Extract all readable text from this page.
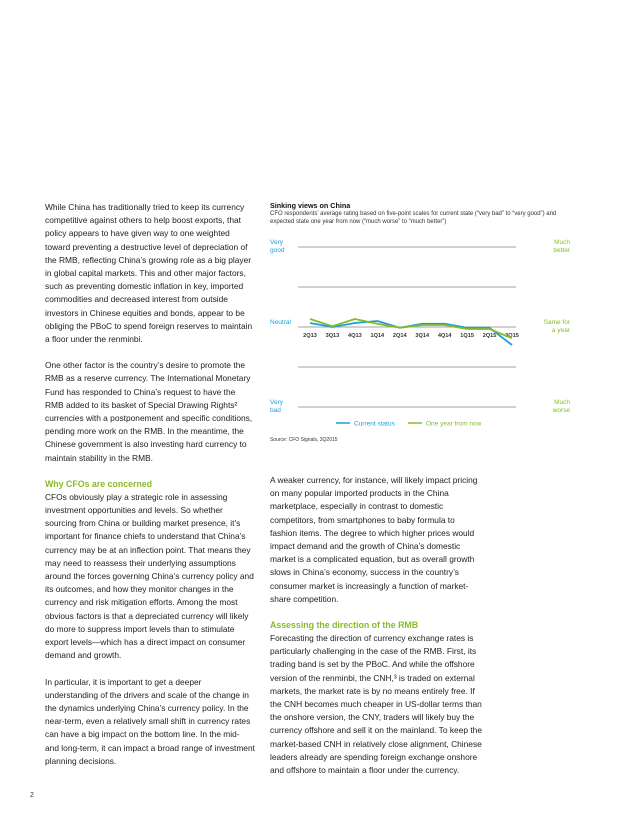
While China has traditionally tried to keep its currency competitive against others to help boost exports, that policy appears to have given way to one weighted toward preventing a destructive level of depreciation of the RMB, reflecting China’s growing role as a big player in global capital markets. This and other major factors, such as preventing domestic inflation in key, imported commodities and decreased interest from outside investors in Chinese equities and bonds, appear to be obliging the PBoC to spend foreign reserves to maintain a floor under the renminbi.

One other factor is the country’s desire to promote the RMB as a reserve currency. The International Monetary Fund has responded to China’s request to have the RMB added to its basket of Special Drawing Rights² currencies with a postponement and specific conditions, pending more work on the RMB. In the meantime, the Chinese government is also investing hard currency to maintain stability in the RMB.

Why CFOs are concerned

CFOs obviously play a strategic role in assessing investment opportunities and levels. So whether sourcing from China or building market presence, it’s important for finance chiefs to understand that China’s currency may be at an inflection point. That means they may need to reassess their underlying assumptions around the forces governing China’s currency policy and its outcomes, and how they monitor changes in the currency and risk mitigation efforts. Among the most obvious factors is that a depreciated currency will likely do more to suppress import levels than to stimulate export levels—which has a direct impact on consumer demand and growth.

In particular, it is important to get a deeper understanding of the drivers and scale of the change in the dynamics underlying China’s currency policy. In the near-term, even a relatively small shift in currency rates can have a big impact on the bottom line. In the mid- and long-term, it can impact a broad range of investment planning decisions.

Sinking views on China
CFO respondents’ average rating based on five-point scales for current state (“very bad” to “very good”) and expected state one year from now (“much worse” to “much better”)
Very
good
Neutral
Very
bad
Much
better
Same for
a year
Much
worse
2Q13 3Q13 4Q13 1Q14 2Q14 3Q14 4Q14 1Q15 2Q15 3Q15
Current status	One year from now
Source: CFO Signals, 3Q2015

A weaker currency, for instance, will likely impact pricing on many popular imported products in the China marketplace, especially in contrast to domestic competitors, from smartphones to baby formula to fashion items. The degree to which higher prices would impact demand and the growth of China’s domestic market is a complicated equation, but as overall growth slows in China’s economy, success in the country’s consumer market is increasingly a function of market-share competition.

Assessing the direction of the RMB

Forecasting the direction of currency exchange rates is particularly challenging in the case of the RMB. First, its trading band is set by the PBoC. And while the offshore version of the renminbi, the CNH,³ is traded on external markets, the market rate is by no means entirely free. If the CNH becomes much cheaper in US-dollar terms than the onshore version, the CNY, traders will likely buy the currency offshore and sell it on the mainland. To keep the market-based CNH in relatively close alignment, Chinese leaders already are spending foreign exchange onshore and offshore to maintain a floor under the currency.

2
